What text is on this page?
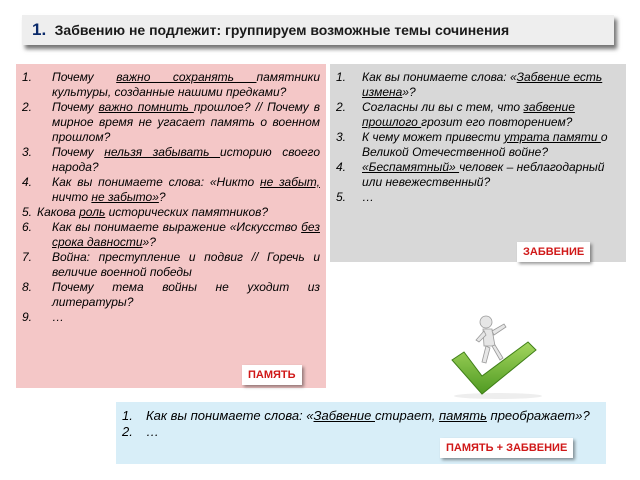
1. Забвению не подлежит: группируем возможные темы сочинения
1.	Почему важно сохранять памятники культуры, созданные нашими предками?
2.	Почему важно помнить прошлое? // Почему в мирное время не угасает память о военном прошлом?
3.	Почему нельзя забывать историю своего народа?
4.	Как вы понимаете слова: «Никто не забыт, ничто не забыто»?
5. Какова роль исторических памятников?
6.	Как вы понимаете выражение «Искусство без срока давности»?
7.	Война: преступление и подвиг // Горечь и величие военной победы
8.	Почему тема войны не уходит из литературы?
9.	…
ПАМЯТЬ
1.	Как вы понимаете слова: «Забвение есть измена»?
2.	Согласны ли вы с тем, что забвение прошлого грозит его повторением?
3.	К чему может привести утрата памяти о Великой Отечественной войне?
4.	«Беспамятный» человек – неблагодарный или невежественный?
5.	…
ЗАБВЕНИЕ
1.	Как вы понимаете слова: «Забвение стирает, память преображает»?
2.	…
ПАМЯТЬ + ЗАБВЕНИЕ
